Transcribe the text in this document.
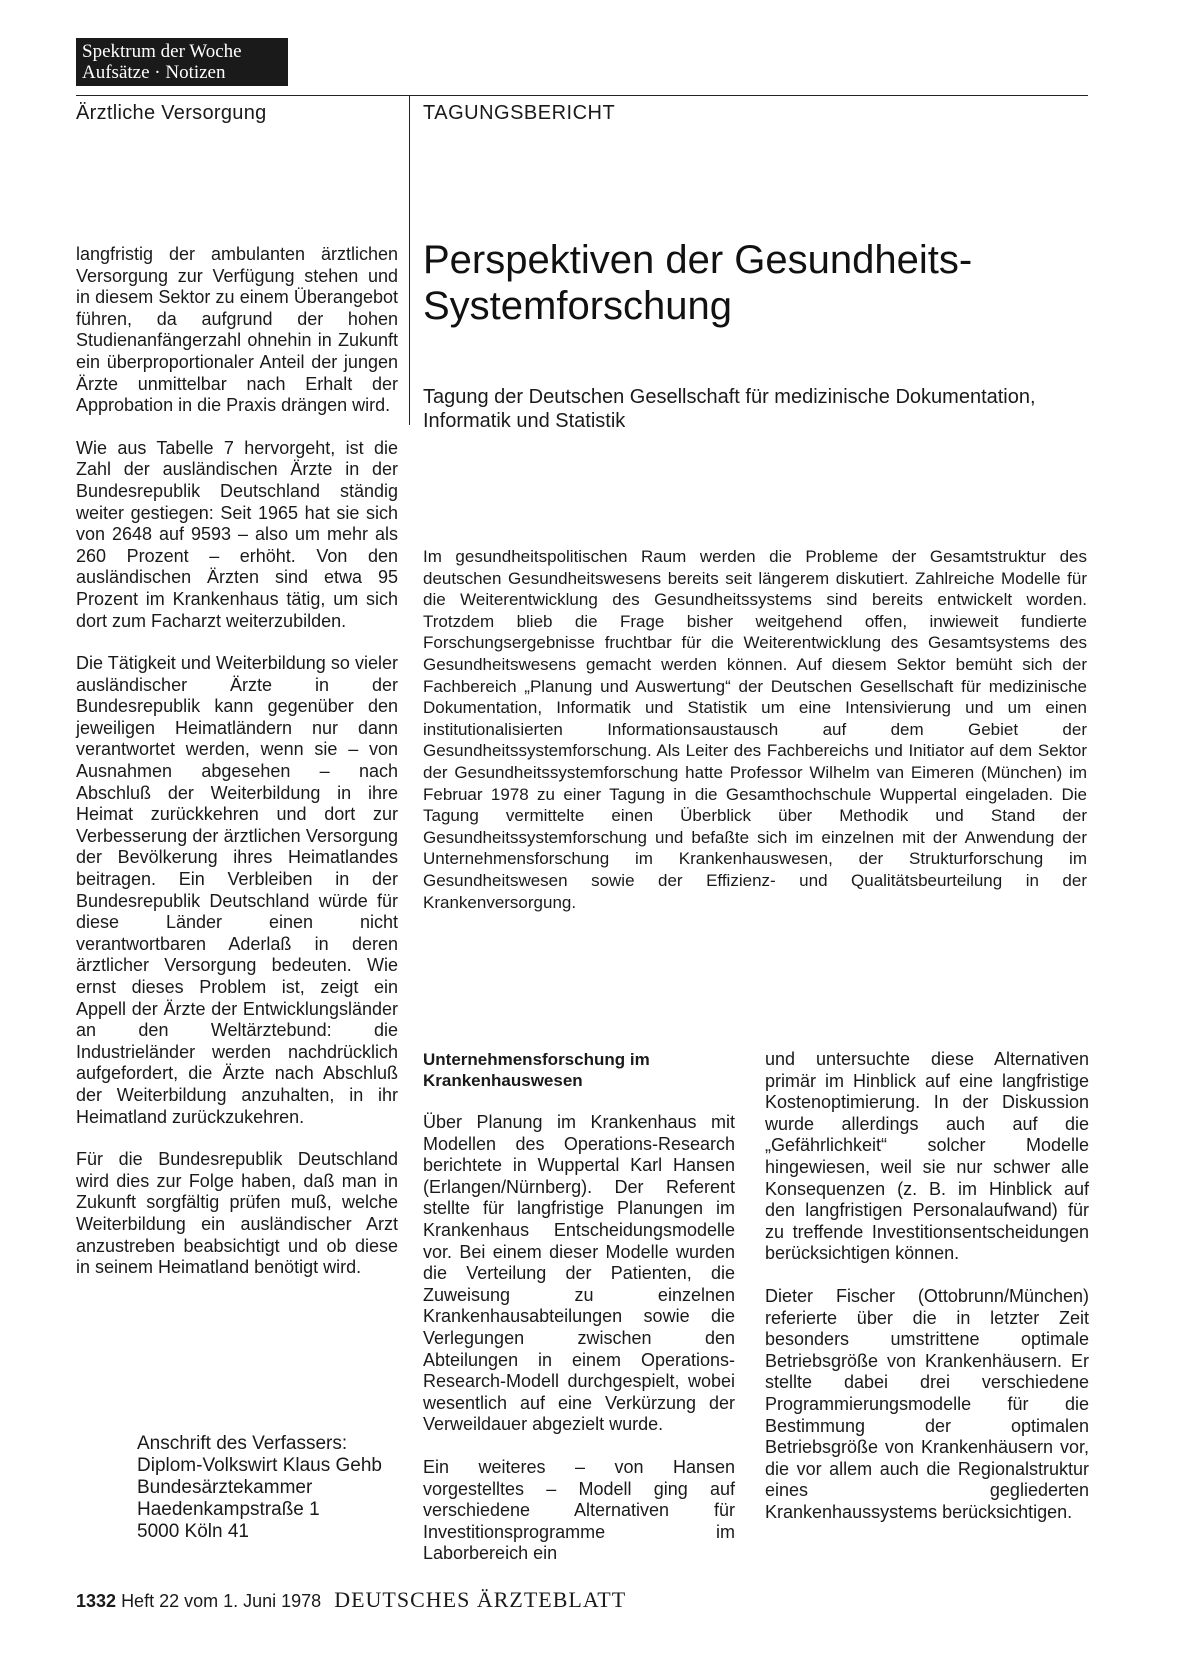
Spektrum der Woche
Aufsätze · Notizen
Ärztliche Versorgung	TAGUNGSBERICHT
Perspektiven der Gesundheits-Systemforschung
Tagung der Deutschen Gesellschaft für medizinische Dokumentation, Informatik und Statistik

langfristig der ambulanten ärztlichen Versorgung zur Verfügung stehen und in diesem Sektor zu einem Überangebot führen, da aufgrund der hohen Studienanfängerzahl ohnehin in Zukunft ein überproportionaler Anteil der jungen Ärzte unmittelbar nach Erhalt der Approbation in die Praxis drängen wird.

Wie aus Tabelle 7 hervorgeht, ist die Zahl der ausländischen Ärzte in der Bundesrepublik Deutschland ständig weiter gestiegen: Seit 1965 hat sie sich von 2648 auf 9593 – also um mehr als 260 Prozent – erhöht. Von den ausländischen Ärzten sind etwa 95 Prozent im Krankenhaus tätig, um sich dort zum Facharzt weiterzubilden.

Die Tätigkeit und Weiterbildung so vieler ausländischer Ärzte in der Bundesrepublik kann gegenüber den jeweiligen Heimatländern nur dann verantwortet werden, wenn sie – von Ausnahmen abgesehen – nach Abschluß der Weiterbildung in ihre Heimat zurückkehren und dort zur Verbesserung der ärztlichen Versorgung der Bevölkerung ihres Heimatlandes beitragen. Ein Verbleiben in der Bundesrepublik Deutschland würde für diese Länder einen nicht verantwortbaren Aderlaß in deren ärztlicher Versorgung bedeuten. Wie ernst dieses Problem ist, zeigt ein Appell der Ärzte der Entwicklungsländer an den Weltärztebund: die Industrieländer werden nachdrücklich aufgefordert, die Ärzte nach Abschluß der Weiterbildung anzuhalten, in ihr Heimatland zurückzukehren.

Für die Bundesrepublik Deutschland wird dies zur Folge haben, daß man in Zukunft sorgfältig prüfen muß, welche Weiterbildung ein ausländischer Arzt anzustreben beabsichtigt und ob diese in seinem Heimatland benötigt wird.

Anschrift des Verfassers:
Diplom-Volkswirt Klaus Gehb
Bundesärztekammer
Haedenkampstraße 1
5000 Köln 41

Im gesundheitspolitischen Raum werden die Probleme der Gesamtstruktur des deutschen Gesundheitswesens bereits seit längerem diskutiert. Zahlreiche Modelle für die Weiterentwicklung des Gesundheitssystems sind bereits entwickelt worden. Trotzdem blieb die Frage bisher weitgehend offen, inwieweit fundierte Forschungsergebnisse fruchtbar für die Weiterentwicklung des Gesamtsystems des Gesundheitswesens gemacht werden können. Auf diesem Sektor bemüht sich der Fachbereich „Planung und Auswertung“ der Deutschen Gesellschaft für medizinische Dokumentation, Informatik und Statistik um eine Intensivierung und um einen institutionalisierten Informationsaustausch auf dem Gebiet der Gesundheitssystemforschung. Als Leiter des Fachbereichs und Initiator auf dem Sektor der Gesundheitssystemforschung hatte Professor Wilhelm van Eimeren (München) im Februar 1978 zu einer Tagung in die Gesamthochschule Wuppertal eingeladen. Die Tagung vermittelte einen Überblick über Methodik und Stand der Gesundheitssystemforschung und befaßte sich im einzelnen mit der Anwendung der Unternehmensforschung im Krankenhauswesen, der Strukturforschung im Gesundheitswesen sowie der Effizienz- und Qualitätsbeurteilung in der Krankenversorgung.

Unternehmensforschung im Krankenhauswesen

Über Planung im Krankenhaus mit Modellen des Operations-Research berichtete in Wuppertal Karl Hansen (Erlangen/Nürnberg). Der Referent stellte für langfristige Planungen im Krankenhaus Entscheidungsmodelle vor. Bei einem dieser Modelle wurden die Verteilung der Patienten, die Zuweisung zu einzelnen Krankenhausabteilungen sowie die Verlegungen zwischen den Abteilungen in einem Operations-Research-Modell durchgespielt, wobei wesentlich auf eine Verkürzung der Verweildauer abgezielt wurde.

Ein weiteres – von Hansen vorgestelltes – Modell ging auf verschiedene Alternativen für Investitionsprogramme im Laborbereich ein

und untersuchte diese Alternativen primär im Hinblick auf eine langfristige Kostenoptimierung. In der Diskussion wurde allerdings auch auf die „Gefährlichkeit“ solcher Modelle hingewiesen, weil sie nur schwer alle Konsequenzen (z. B. im Hinblick auf den langfristigen Personalaufwand) für zu treffende Investitionsentscheidungen berücksichtigen können.

Dieter Fischer (Ottobrunn/München) referierte über die in letzter Zeit besonders umstrittene optimale Betriebsgröße von Krankenhäusern. Er stellte dabei drei verschiedene Programmierungsmodelle für die Bestimmung der optimalen Betriebsgröße von Krankenhäusern vor, die vor allem auch die Regionalstruktur eines gegliederten Krankenhaussystems berücksichtigen.

1332 Heft 22 vom 1. Juni 1978 DEUTSCHES ÄRZTEBLATT
